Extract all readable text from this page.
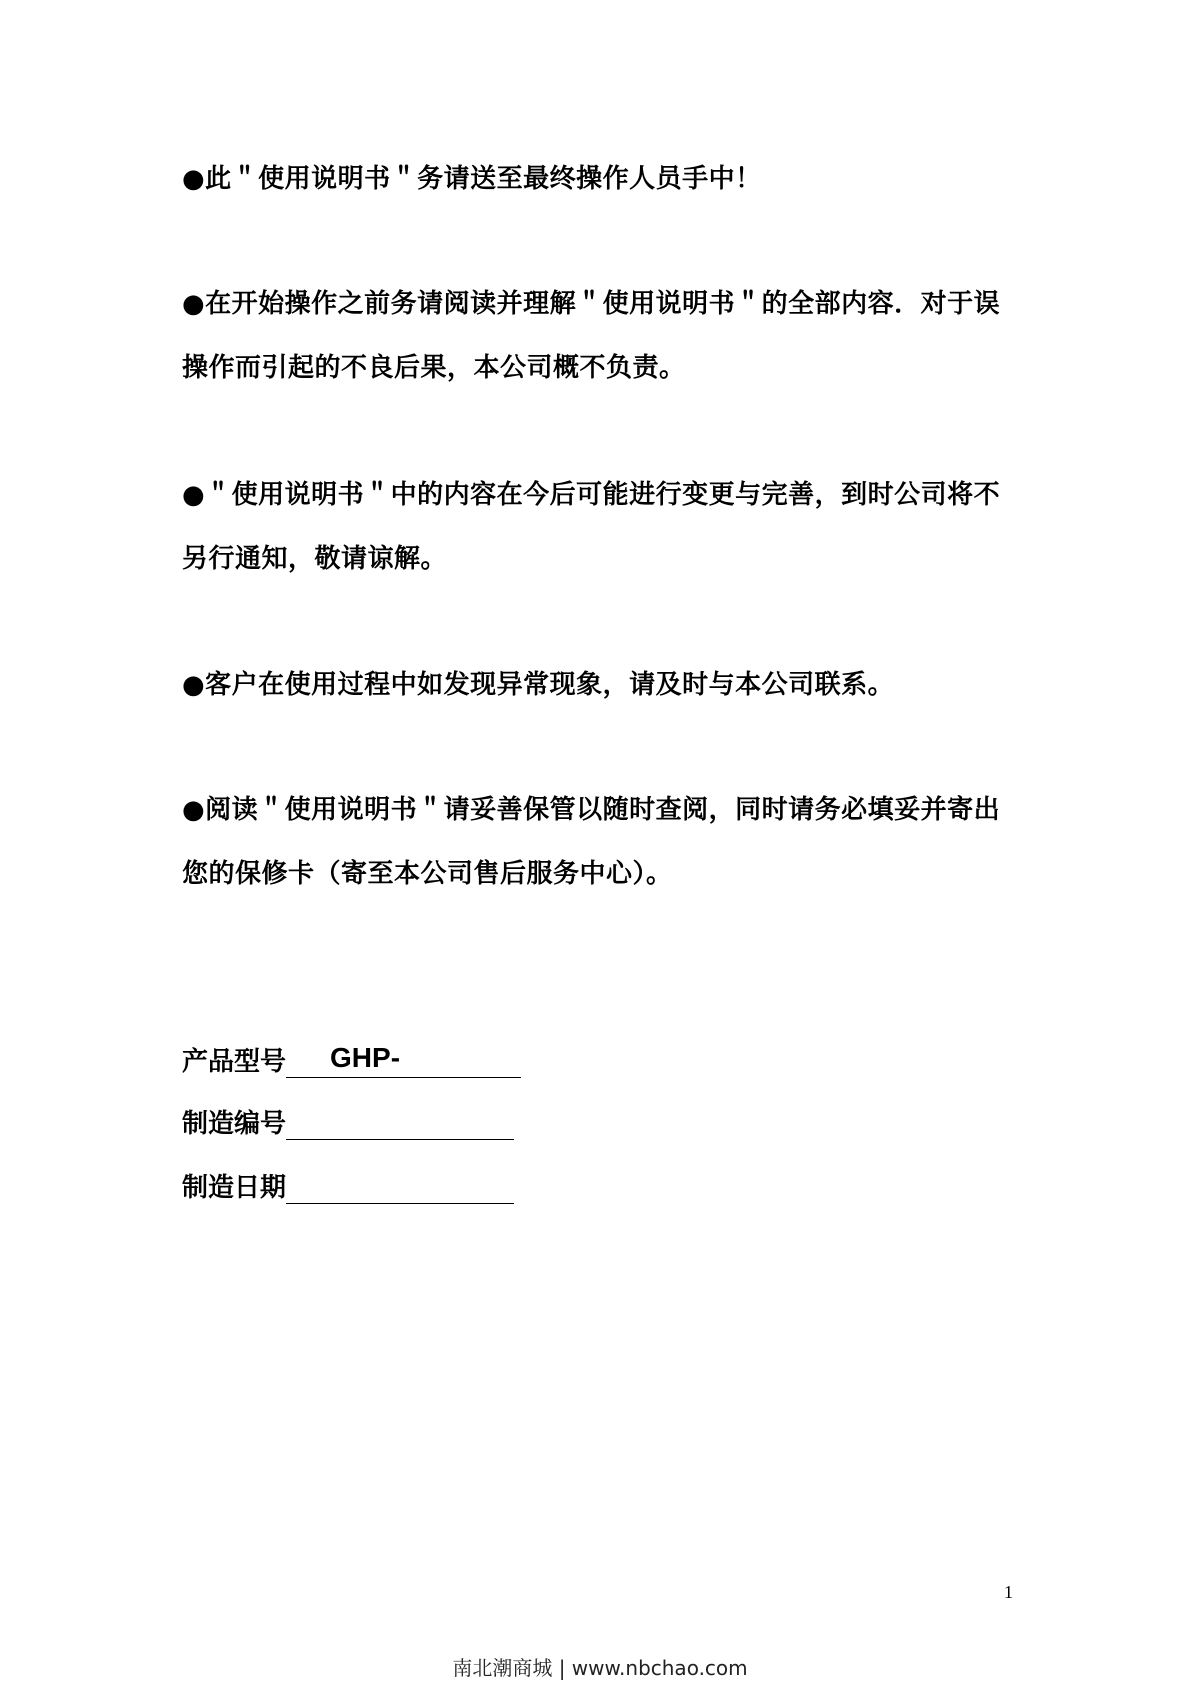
●此＂使用说明书＂务请送至最终操作人员手中！

●在开始操作之前务请阅读并理解＂使用说明书＂的全部内容．对于误操作而引起的不良后果，本公司概不负责。

●＂使用说明书＂中的内容在今后可能进行变更与完善，到时公司将不另行通知，敬请谅解。

●客户在使用过程中如发现异常现象，请及时与本公司联系。

●阅读＂使用说明书＂请妥善保管以随时查阅，同时请务必填妥并寄出您的保修卡（寄至本公司售后服务中心）。

产品型号	GHP-
制造编号
制造日期
1
南北潮商城 | www.nbchao.com
